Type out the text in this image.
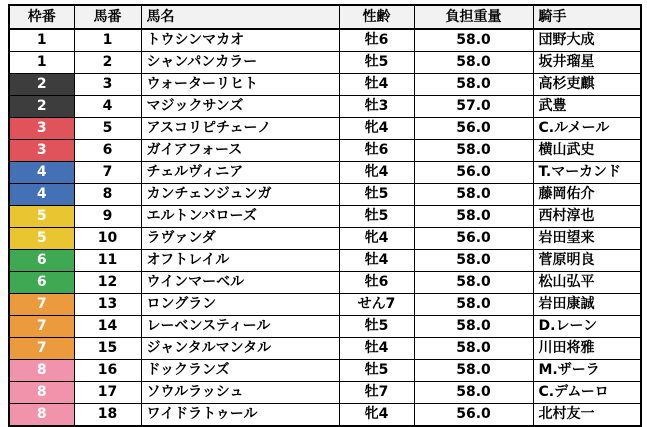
枠番	馬番	馬名	性齢	負担重量	騎手
1	1	トウシンマカオ	牡6	58.0	団野大成
1	2	シャンパンカラー	牡5	58.0	坂井瑠星
2	3	ウォーターリヒト	牡4	58.0	高杉吏麒
2	4	マジックサンズ	牡3	57.0	武豊
3	5	アスコリピチェーノ	牝4	56.0	C.ルメール
3	6	ガイアフォース	牡6	58.0	横山武史
4	7	チェルヴィニア	牝4	56.0	T.マーカンド
4	8	カンチェンジュンガ	牡5	58.0	藤岡佑介
5	9	エルトンバローズ	牡5	58.0	西村淳也
5	10	ラヴァンダ	牝4	56.0	岩田望来
6	11	オフトレイル	牡4	58.0	菅原明良
6	12	ウインマーベル	牡6	58.0	松山弘平
7	13	ロングラン	せん7	58.0	岩田康誠
7	14	レーベンスティール	牡5	58.0	D.レーン
7	15	ジャンタルマンタル	牡4	58.0	川田将雅
8	16	ドックランズ	牡5	58.0	M.ザーラ
8	17	ソウルラッシュ	牡7	58.0	C.デムーロ
8	18	ワイドラトゥール	牝4	56.0	北村友一
